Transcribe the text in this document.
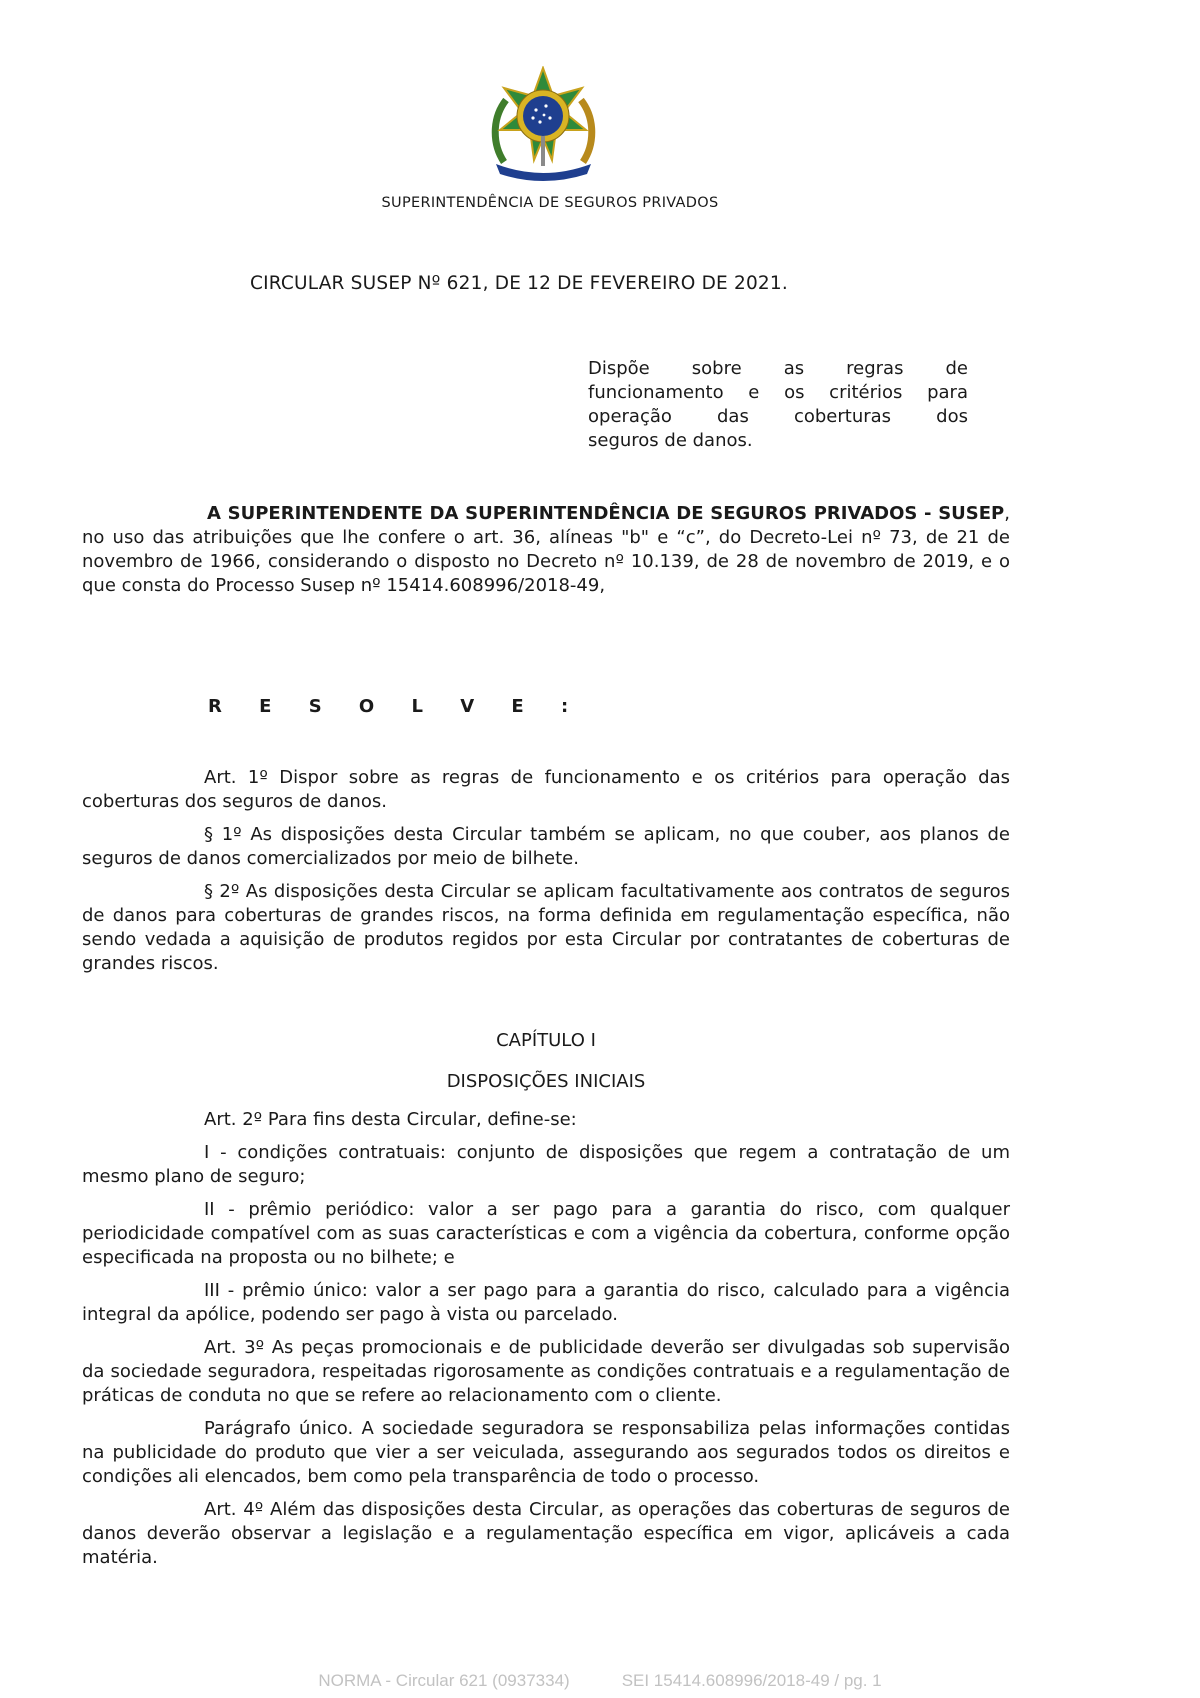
SUPERINTENDÊNCIA DE SEGUROS PRIVADOS
CIRCULAR SUSEP Nº 621, DE 12 DE FEVEREIRO DE 2021.
Dispõe sobre as regras de
funcionamento e os critérios para
operação das coberturas dos
seguros de danos.

A SUPERINTENDENTE DA SUPERINTENDÊNCIA DE SEGUROS PRIVADOS - SUSEP, no uso das atribuições que lhe confere o art. 36, alíneas "b" e “c”, do Decreto-Lei nº 73, de 21 de novembro de 1966, considerando o disposto no Decreto nº 10.139, de 28 de novembro de 2019, e o que consta do Processo Susep nº 15414.608996/2018-49,

R E S O L V E :

Art. 1º Dispor sobre as regras de funcionamento e os critérios para operação das coberturas dos seguros de danos.

§ 1º As disposições desta Circular também se aplicam, no que couber, aos planos de seguros de danos comercializados por meio de bilhete.

§ 2º As disposições desta Circular se aplicam facultativamente aos contratos de seguros de danos para coberturas de grandes riscos, na forma definida em regulamentação específica, não sendo vedada a aquisição de produtos regidos por esta Circular por contratantes de coberturas de grandes riscos.

CAPÍTULO I
DISPOSIÇÕES INICIAIS

Art. 2º Para fins desta Circular, define-se:

I - condições contratuais: conjunto de disposições que regem a contratação de um mesmo plano de seguro;

II - prêmio periódico: valor a ser pago para a garantia do risco, com qualquer periodicidade compatível com as suas características e com a vigência da cobertura, conforme opção especificada na proposta ou no bilhete; e

III - prêmio único: valor a ser pago para a garantia do risco, calculado para a vigência integral da apólice, podendo ser pago à vista ou parcelado.

Art. 3º As peças promocionais e de publicidade deverão ser divulgadas sob supervisão da sociedade seguradora, respeitadas rigorosamente as condições contratuais e a regulamentação de práticas de conduta no que se refere ao relacionamento com o cliente.

Parágrafo único. A sociedade seguradora se responsabiliza pelas informações contidas na publicidade do produto que vier a ser veiculada, assegurando aos segurados todos os direitos e condições ali elencados, bem como pela transparência de todo o processo.

Art. 4º Além das disposições desta Circular, as operações das coberturas de seguros de danos deverão observar a legislação e a regulamentação específica em vigor, aplicáveis a cada matéria.

NORMA - Circular 621 (0937334)	SEI 15414.608996/2018-49 / pg. 1
